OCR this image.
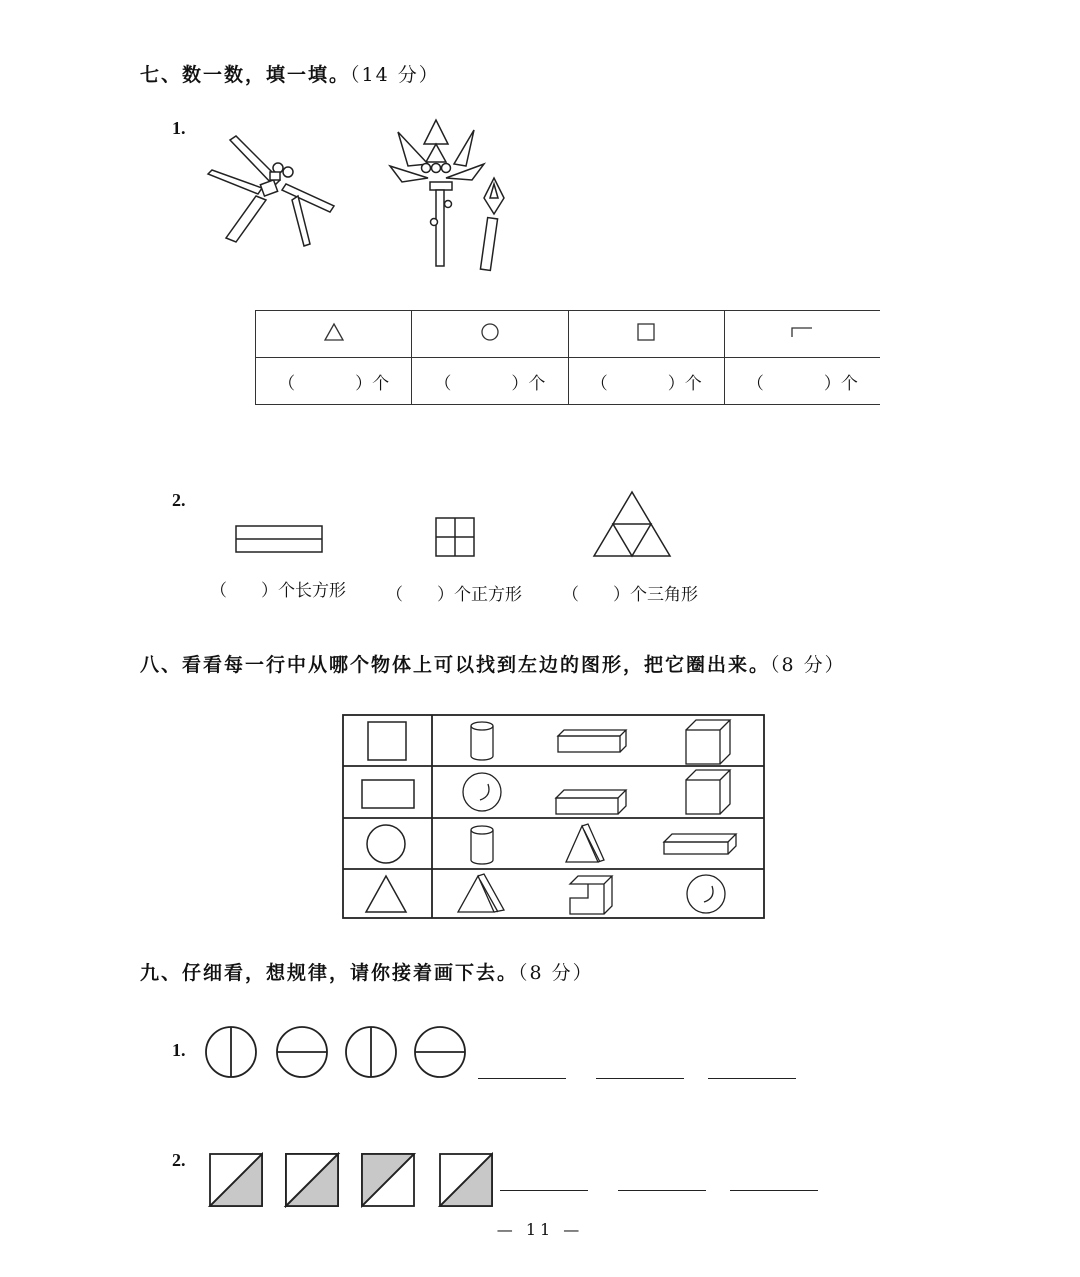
七、数一数，填一填。（14 分）
1.

（ ）个	（ ）个	（ ）个	（ ）个
2.
（ ）个长方形 （ ）个正方形 （ ）个三角形
八、看看每一行中从哪个物体上可以找到左边的图形，把它圈出来。（8 分）
九、仔细看，想规律，请你接着画下去。（8 分）
1.
2.
— 11 —
